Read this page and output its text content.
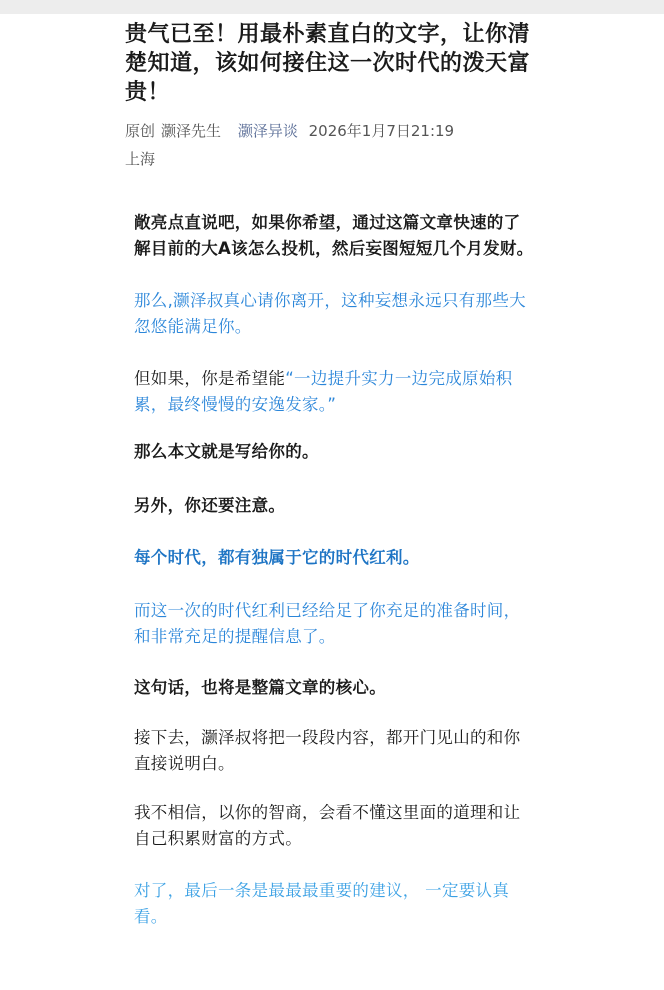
贵气已至！用最朴素直白的文字，让你清楚知道，该如何接住这一次时代的泼天富贵！
原创 灏泽先生 灏泽异谈 2026年1月7日21:19
上海

敞亮点直说吧，如果你希望，通过这篇文章快速的了解目前的大A该怎么投机，然后妄图短短几个月发财。

那么,灏泽叔真心请你离开，这种妄想永远只有那些大忽悠能满足你。

但如果，你是希望能“一边提升实力一边完成原始积累，最终慢慢的安逸发家。”

那么本文就是写给你的。

另外，你还要注意。

每个时代，都有独属于它的时代红利。

而这一次的时代红利已经给足了你充足的准备时间，和非常充足的提醒信息了。

这句话，也将是整篇文章的核心。

接下去，灏泽叔将把一段段内容，都开门见山的和你直接说明白。

我不相信，以你的智商，会看不懂这里面的道理和让自己积累财富的方式。

对了，最后一条是最最最重要的建议， 一定要认真看。
